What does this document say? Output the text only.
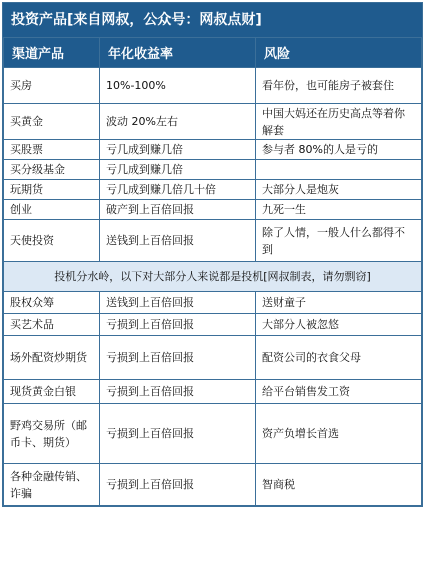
投资产品[来自网叔，公众号：网叔点财]
渠道产品	年化收益率	风险
买房	10%-100%	看年份，也可能房子被套住
买黄金	波动 20%左右	中国大妈还在历史高点等着你解套
买股票	亏几成到赚几倍	参与者 80%的人是亏的
买分级基金	亏几成到赚几倍	
玩期货	亏几成到赚几倍几十倍	大部分人是炮灰
创业	破产到上百倍回报	九死一生
天使投资	送钱到上百倍回报	除了人情，一般人什么都得不到
投机分水岭，以下对大部分人来说都是投机[网叔制表，请勿剽窃]		
股权众筹	送钱到上百倍回报	送财童子
买艺术品	亏损到上百倍回报	大部分人被忽悠
场外配资炒期货	亏损到上百倍回报	配资公司的衣食父母
现货黄金白银	亏损到上百倍回报	给平台销售发工资
野鸡交易所（邮币卡、期货）	亏损到上百倍回报	资产负增长首选
各种金融传销、诈骗	亏损到上百倍回报	智商税
